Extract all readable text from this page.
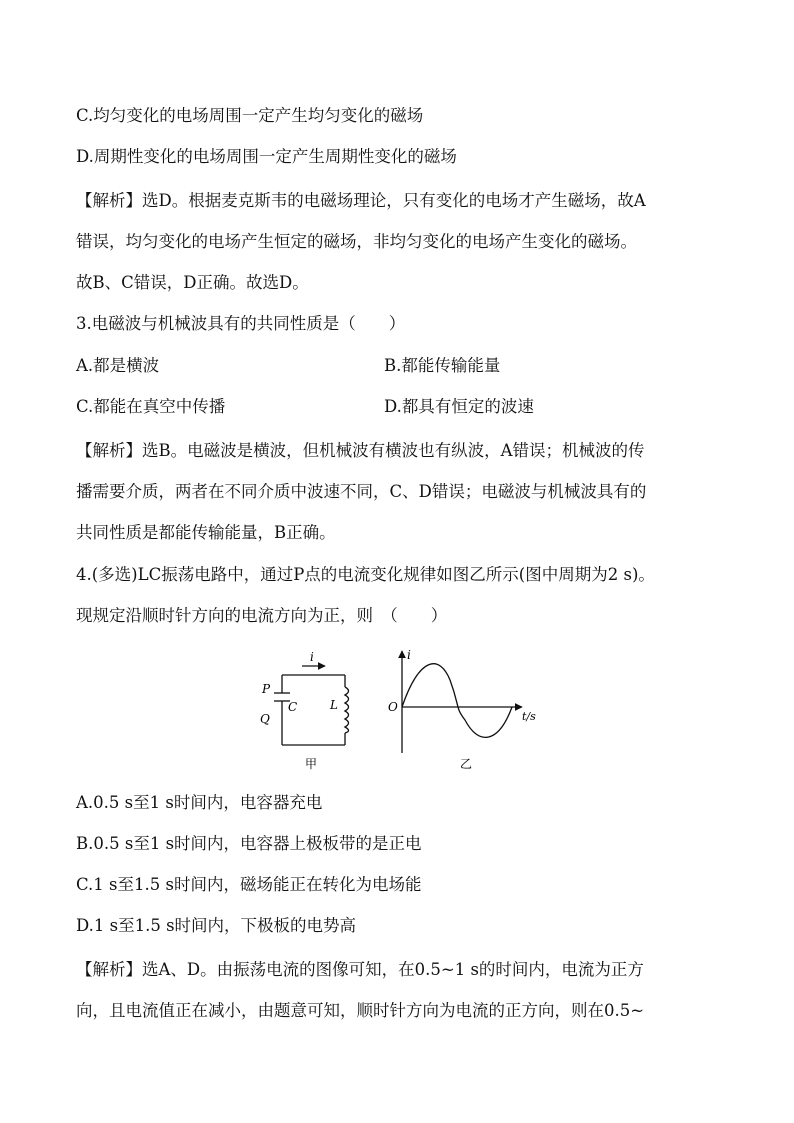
C.均匀变化的电场周围一定产生均匀变化的磁场
D.周期性变化的电场周围一定产生周期性变化的磁场
【解析】选D。根据麦克斯韦的电磁场理论，只有变化的电场才产生磁场，故A
错误，均匀变化的电场产生恒定的磁场，非均匀变化的电场产生变化的磁场。
故B、C错误，D正确。故选D。
3.电磁波与机械波具有的共同性质是（　　）
A.都是横波	B.都能传输能量
C.都能在真空中传播	D.都具有恒定的波速
【解析】选B。电磁波是横波，但机械波有横波也有纵波，A错误；机械波的传
播需要介质，两者在不同介质中波速不同，C、D错误；电磁波与机械波具有的
共同性质是都能传输能量，B正确。
4.(多选)LC振荡电路中，通过P点的电流变化规律如图乙所示(图中周期为2 s)。
现规定沿顺时针方向的电流方向为正，则　（　　）
i
P
Q
C	L
甲
i
O
t/s
乙
A.0.5 s至1 s时间内，电容器充电
B.0.5 s至1 s时间内，电容器上极板带的是正电
C.1 s至1.5 s时间内，磁场能正在转化为电场能
D.1 s至1.5 s时间内，下极板的电势高
【解析】选A、D。由振荡电流的图像可知，在0.5~1 s的时间内，电流为正方
向，且电流值正在减小，由题意可知，顺时针方向为电流的正方向，则在0.5~
